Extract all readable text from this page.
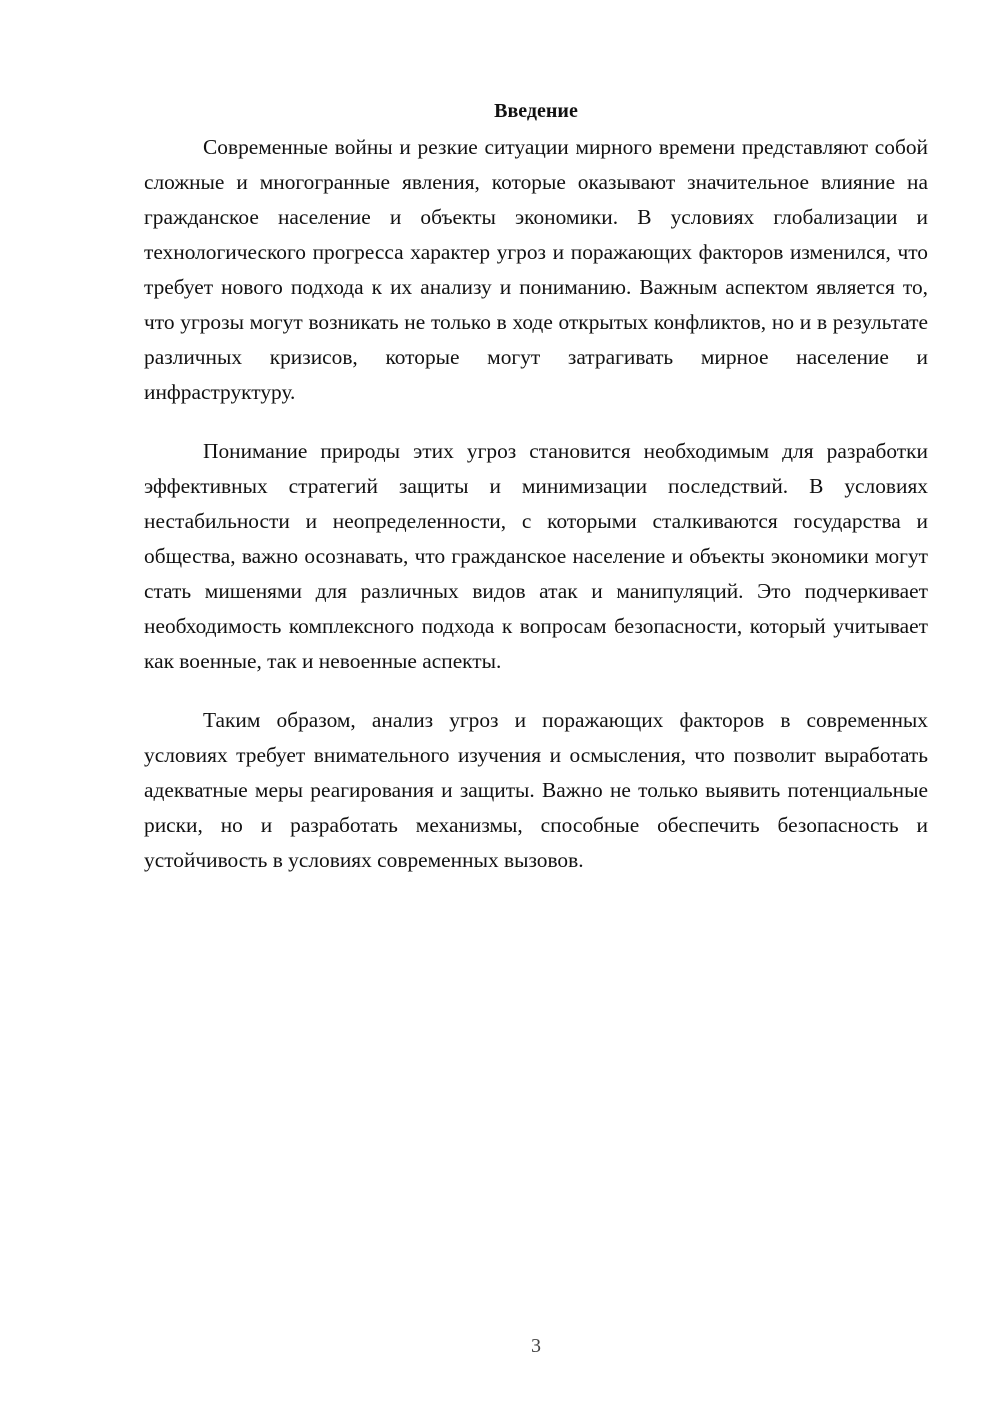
Введение

Современные войны и резкие ситуации мирного времени представляют собой сложные и многогранные явления, которые оказывают значительное влияние на гражданское население и объекты экономики. В условиях глобализации и технологического прогресса характер угроз и поражающих факторов изменился, что требует нового подхода к их анализу и пониманию. Важным аспектом является то, что угрозы могут возникать не только в ходе открытых конфликтов, но и в результате различных кризисов, которые могут затрагивать мирное население и инфраструктуру.

Понимание природы этих угроз становится необходимым для разработки эффективных стратегий защиты и минимизации последствий. В условиях нестабильности и неопределенности, с которыми сталкиваются государства и общества, важно осознавать, что гражданское население и объекты экономики могут стать мишенями для различных видов атак и манипуляций. Это подчеркивает необходимость комплексного подхода к вопросам безопасности, который учитывает как военные, так и невоенные аспекты.

Таким образом, анализ угроз и поражающих факторов в современных условиях требует внимательного изучения и осмысления, что позволит выработать адекватные меры реагирования и защиты. Важно не только выявить потенциальные риски, но и разработать механизмы, способные обеспечить безопасность и устойчивость в условиях современных вызовов.

3
